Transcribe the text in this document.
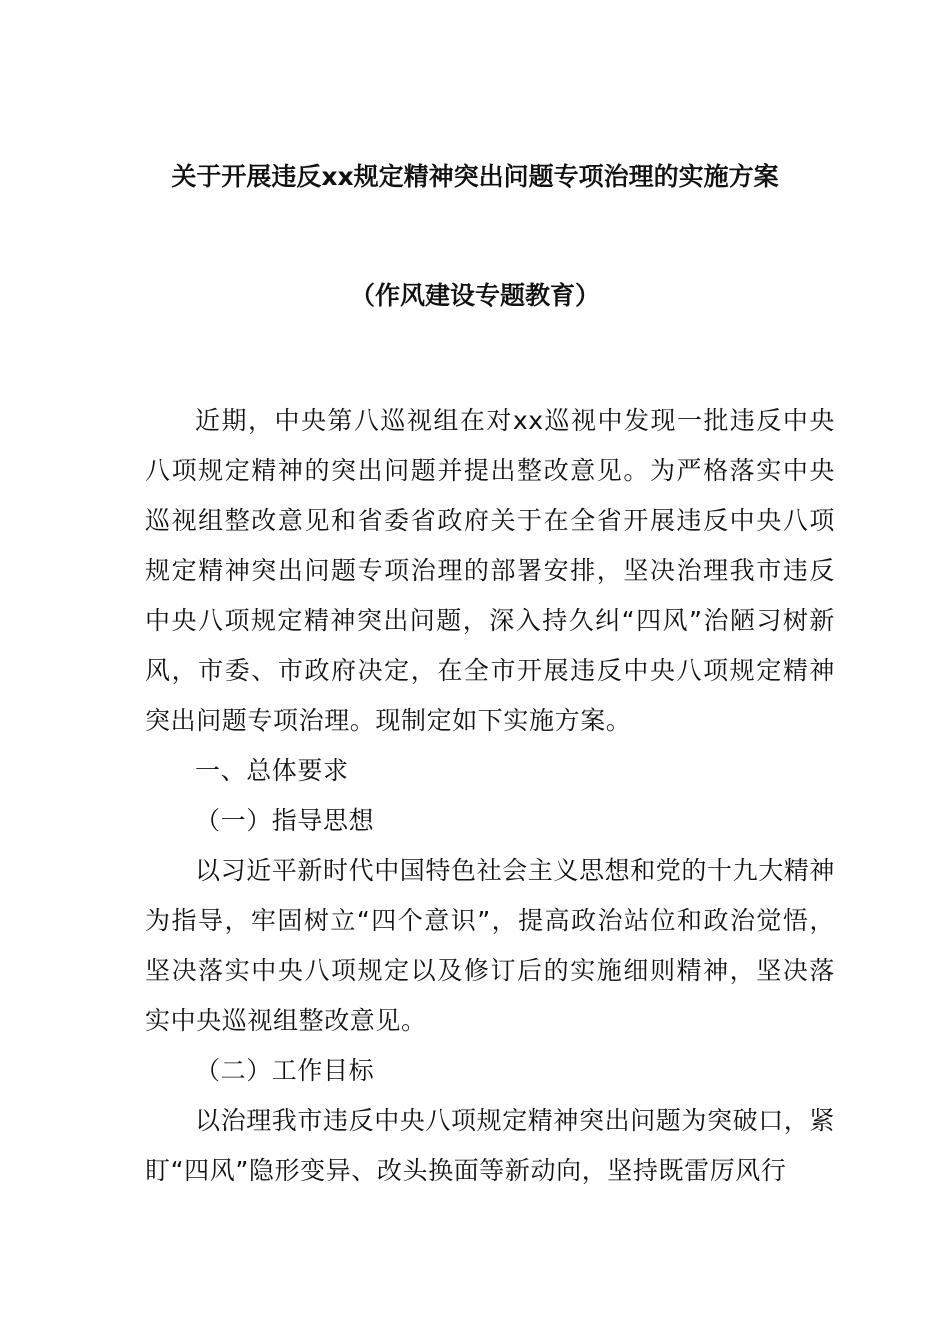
关于开展违反xx规定精神突出问题专项治理的实施方案
（作风建设专题教育）

近期，中央第八巡视组在对xx巡视中发现一批违反中央八项规定精神的突出问题并提出整改意见。为严格落实中央巡视组整改意见和省委省政府关于在全省开展违反中央八项规定精神突出问题专项治理的部署安排，坚决治理我市违反中央八项规定精神突出问题，深入持久纠“四风”治陋习树新风，市委、市政府决定，在全市开展违反中央八项规定精神突出问题专项治理。现制定如下实施方案。

一、总体要求

（一）指导思想

以习近平新时代中国特色社会主义思想和党的十九大精神为指导，牢固树立“四个意识”，提高政治站位和政治觉悟，坚决落实中央八项规定以及修订后的实施细则精神，坚决落实中央巡视组整改意见。

（二）工作目标

以治理我市违反中央八项规定精神突出问题为突破口，紧盯“四风”隐形变异、改头换面等新动向，坚持既雷厉风行
